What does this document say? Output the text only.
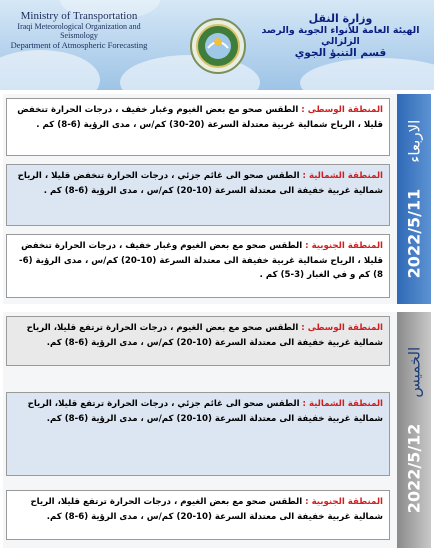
Ministry of Transportation
Iraqi Meteorological Organization and Seismology
Department of Atmospheric Forecasting
وزارة النقل
الهيئة العامة للأنواء الجوية والرصد الزلزالي
قسم التنبؤ الجوي
المنطقة الوسطى : الطقس صحو مع بعض الغيوم وغبار خفيف ، درجات الحرارة تنخفض قليلا ، الرياح شمالية غربية معتدلة السرعة (20-30) كم/س ، مدى الرؤية (6-8) كم .
المنطقة الشمالية : الطقس صحو الى غائم جزئي ، درجات الحرارة تنخفض قليلا ، الرياح شمالية غربية خفيفة الى معتدلة السرعة (10-20) كم/س ، مدى الرؤية (6-8) كم .
المنطقة الجنوبية : الطقس صحو مع بعض الغيوم وغبار خفيف ، درجات الحرارة تنخفض قليلا ، الرياح شمالية غربية خفيفة الى معتدلة السرعة (10-20) كم/س ، مدى الرؤية (6-8) كم و في الغبار (3-5) كم .	2022/5/11الاربعاء
المنطقة الوسطى : الطقس صحو مع بعض الغيوم ، درجات الحرارة ترتفع قليلا، الرياح شمالية غربية خفيفة الى معتدلة السرعة (10-20) كم/س ، مدى الرؤية (6-8) كم.
المنطقة الشمالية : الطقس صحو الى غائم جزئي ، درجات الحرارة ترتفع قليلا، الرياح شمالية غربية خفيفة الى معتدلة السرعة (10-20) كم/س ، مدى الرؤية (6-8) كم.
المنطقة الجنوبية : الطقس صحو مع بعض الغيوم ، درجات الحرارة ترتفع قليلا، الرياح شمالية غربية خفيفة الى معتدلة السرعة (10-20) كم/س ، مدى الرؤية (6-8) كم.
2022/5/12الخميس
